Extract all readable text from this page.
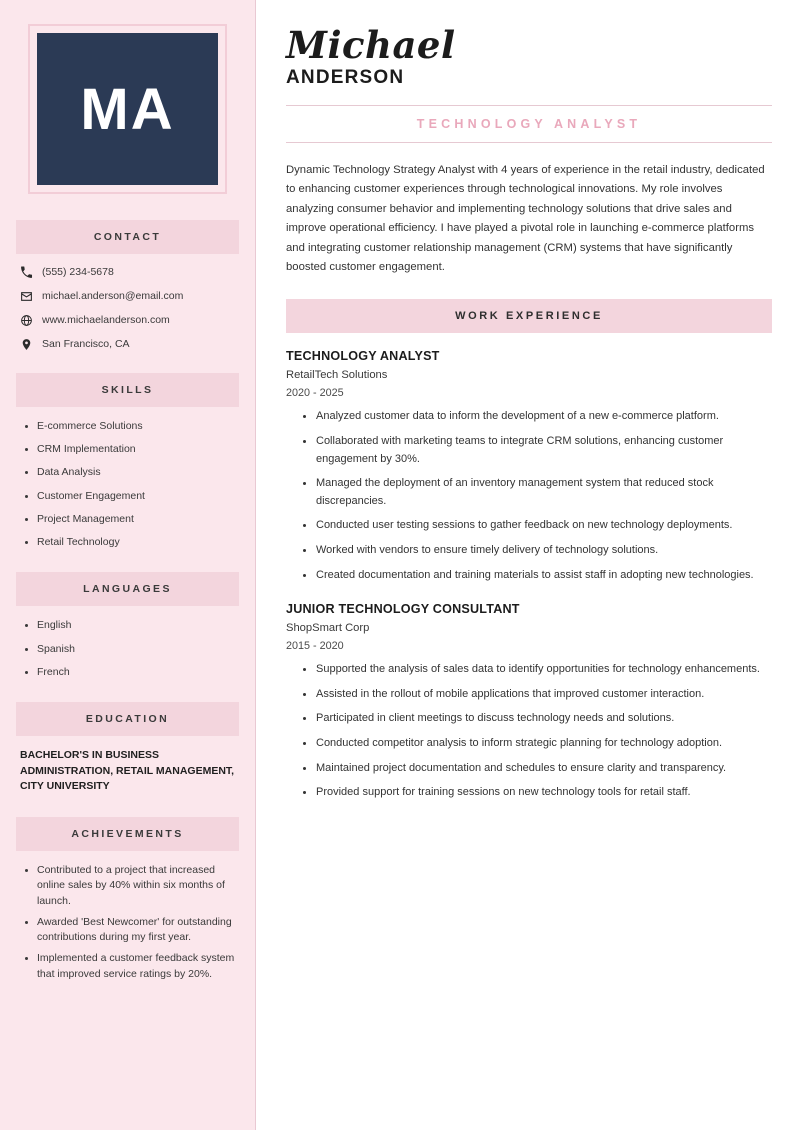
MA
CONTACT
(555) 234-5678
michael.anderson@email.com
www.michaelanderson.com
San Francisco, CA
SKILLS
E-commerce Solutions
CRM Implementation
Data Analysis
Customer Engagement
Project Management
Retail Technology
LANGUAGES
English
Spanish
French
EDUCATION
BACHELOR'S IN BUSINESS ADMINISTRATION, RETAIL MANAGEMENT, CITY UNIVERSITY
ACHIEVEMENTS
Contributed to a project that increased online sales by 40% within six months of launch.
Awarded 'Best Newcomer' for outstanding contributions during my first year.
Implemented a customer feedback system that improved service ratings by 20%.
Michael
ANDERSON
TECHNOLOGY ANALYST

Dynamic Technology Strategy Analyst with 4 years of experience in the retail industry, dedicated to enhancing customer experiences through technological innovations. My role involves analyzing consumer behavior and implementing technology solutions that drive sales and improve operational efficiency. I have played a pivotal role in launching e-commerce platforms and integrating customer relationship management (CRM) systems that have significantly boosted customer engagement.

WORK EXPERIENCE
TECHNOLOGY ANALYST
RetailTech Solutions
2020 - 2025
Analyzed customer data to inform the development of a new e-commerce platform.
Collaborated with marketing teams to integrate CRM solutions, enhancing customer engagement by 30%.
Managed the deployment of an inventory management system that reduced stock discrepancies.
Conducted user testing sessions to gather feedback on new technology deployments.
Worked with vendors to ensure timely delivery of technology solutions.
Created documentation and training materials to assist staff in adopting new technologies.
JUNIOR TECHNOLOGY CONSULTANT
ShopSmart Corp
2015 - 2020
Supported the analysis of sales data to identify opportunities for technology enhancements.
Assisted in the rollout of mobile applications that improved customer interaction.
Participated in client meetings to discuss technology needs and solutions.
Conducted competitor analysis to inform strategic planning for technology adoption.
Maintained project documentation and schedules to ensure clarity and transparency.
Provided support for training sessions on new technology tools for retail staff.
